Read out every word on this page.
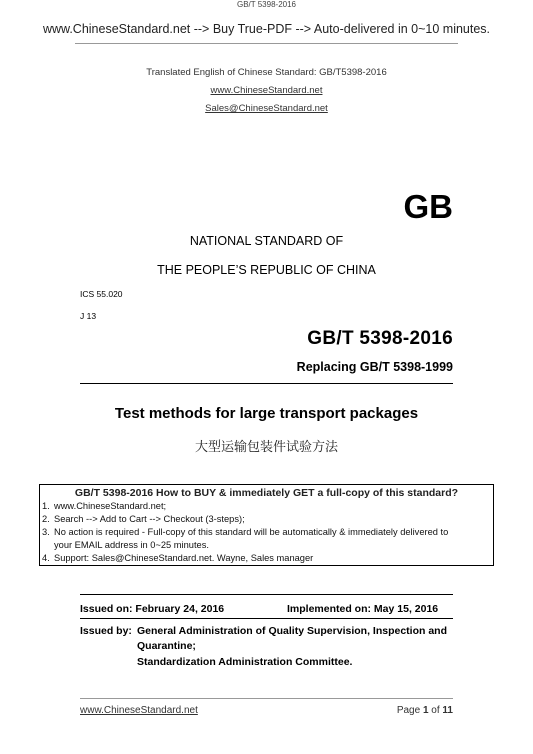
www.ChineseStandard.net --> Buy True-PDF --> Auto-delivered in 0~10 minutes.
GB/T 5398-2016
Translated English of Chinese Standard: GB/T5398-2016
www.ChineseStandard.net
Sales@ChineseStandard.net
GB
NATIONAL STANDARD OF
THE PEOPLE’S REPUBLIC OF CHINA
ICS 55.020
J 13
GB/T 5398-2016
Replacing GB/T 5398-1999
Test methods for large transport packages
大型运输包装件试验方法
GB/T 5398-2016 How to BUY & immediately GET a full-copy of this standard?
1. www.ChineseStandard.net;
2. Search --> Add to Cart --> Checkout (3-steps);
3. No action is required - Full-copy of this standard will be automatically & immediately delivered to
your EMAIL address in 0~25 minutes.
4. Support: Sales@ChineseStandard.net. Wayne, Sales manager
Issued on: February 24, 2016	Implemented on: May 15, 2016
Issued by: General Administration of Quality Supervision, Inspection and
Quarantine;
Standardization Administration Committee.
www.ChineseStandard.net	Page 1 of 11
